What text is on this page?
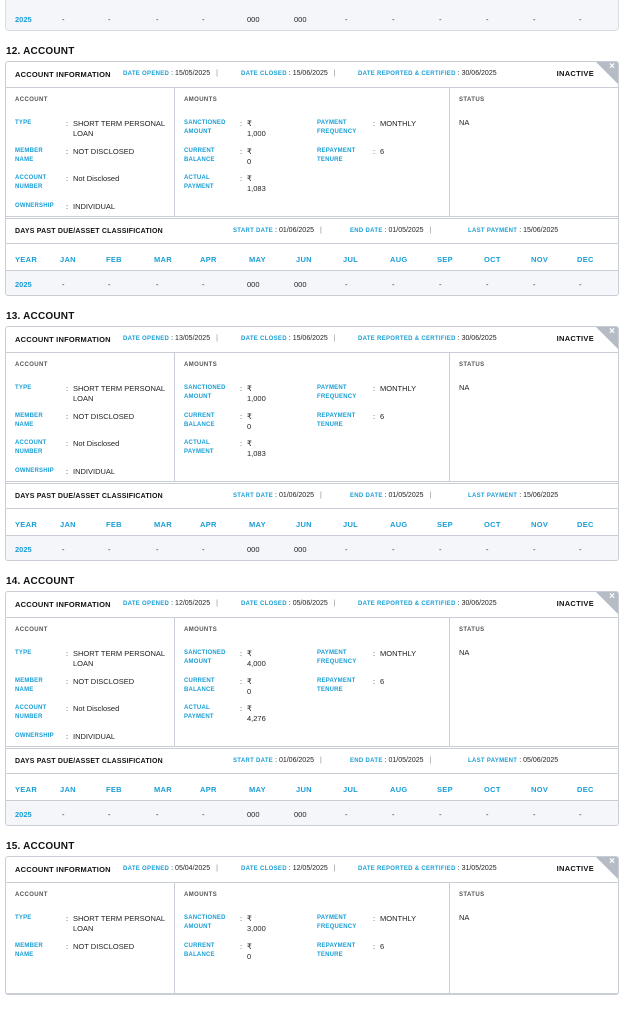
2025	-	-	-	-	000	000	-	-	-	-	-	-
12. ACCOUNT
ACCOUNT INFORMATION DATE OPENED : 15/05/2025 |	DATE CLOSED : 15/06/2025 |	DATE REPORTED & CERTIFIED : 30/06/2025	INACTIVE
×
ACCOUNT
TYPE	: SHORT TERM PERSONAL LOAN
MEMBER NAME
: NOT DISCLOSED
ACCOUNT NUMBER
: Not Disclosed
OWNERSHIP	: INDIVIDUAL
AMOUNTS
SANCTIONED AMOUNT
: ₹ 1,000
CURRENT BALANCE
: ₹ 0
ACTUAL PAYMENT
: ₹ 1,083
PAYMENT FREQUENCY
: MONTHLY
REPAYMENT TENURE
: 6
STATUS
NA
DAYS PAST DUE/ASSET CLASSIFICATION	START DATE : 01/06/2025 |	END DATE : 01/05/2025 |	LAST PAYMENT : 15/06/2025
YEAR	JAN	FEB	MAR	APR	MAY	JUN	JUL	AUG	SEP	OCT	NOV	DEC
2025	-	-	-	-	000	000	-	-	-	-	-	-
13. ACCOUNT
ACCOUNT INFORMATION DATE OPENED : 13/05/2025 |	DATE CLOSED : 15/06/2025 |	DATE REPORTED & CERTIFIED : 30/06/2025	INACTIVE
×
ACCOUNT
TYPE	: SHORT TERM PERSONAL LOAN
MEMBER NAME
: NOT DISCLOSED
ACCOUNT NUMBER
: Not Disclosed
OWNERSHIP	: INDIVIDUAL
AMOUNTS
SANCTIONED AMOUNT
: ₹ 1,000
CURRENT BALANCE
: ₹ 0
ACTUAL PAYMENT
: ₹ 1,083
PAYMENT FREQUENCY
: MONTHLY
REPAYMENT TENURE
: 6
STATUS
NA
DAYS PAST DUE/ASSET CLASSIFICATION	START DATE : 01/06/2025 |	END DATE : 01/05/2025 |	LAST PAYMENT : 15/06/2025
YEAR	JAN	FEB	MAR	APR	MAY	JUN	JUL	AUG	SEP	OCT	NOV	DEC
2025	-	-	-	-	000	000	-	-	-	-	-	-
14. ACCOUNT
ACCOUNT INFORMATION DATE OPENED : 12/05/2025 |	DATE CLOSED : 05/06/2025 |	DATE REPORTED & CERTIFIED : 30/06/2025	INACTIVE
×
ACCOUNT
TYPE	: SHORT TERM PERSONAL LOAN
MEMBER NAME
: NOT DISCLOSED
ACCOUNT NUMBER
: Not Disclosed
OWNERSHIP	: INDIVIDUAL
AMOUNTS
SANCTIONED AMOUNT
: ₹ 4,000
CURRENT BALANCE
: ₹ 0
ACTUAL PAYMENT
: ₹ 4,276
PAYMENT FREQUENCY
: MONTHLY
REPAYMENT TENURE
: 6
STATUS
NA
DAYS PAST DUE/ASSET CLASSIFICATION	START DATE : 01/06/2025 |	END DATE : 01/05/2025 |	LAST PAYMENT : 05/06/2025
YEAR	JAN	FEB	MAR	APR	MAY	JUN	JUL	AUG	SEP	OCT	NOV	DEC
2025	-	-	-	-	000	000	-	-	-	-	-	-
15. ACCOUNT
ACCOUNT INFORMATION DATE OPENED : 05/04/2025 |	DATE CLOSED : 12/05/2025 |	DATE REPORTED & CERTIFIED : 31/05/2025	INACTIVE
×
ACCOUNT
TYPE	: SHORT TERM PERSONAL LOAN
MEMBER NAME
: NOT DISCLOSED
AMOUNTS
SANCTIONED AMOUNT
: ₹ 3,000
CURRENT BALANCE
: ₹ 0
PAYMENT FREQUENCY
: MONTHLY
REPAYMENT TENURE
: 6
STATUS
NA
